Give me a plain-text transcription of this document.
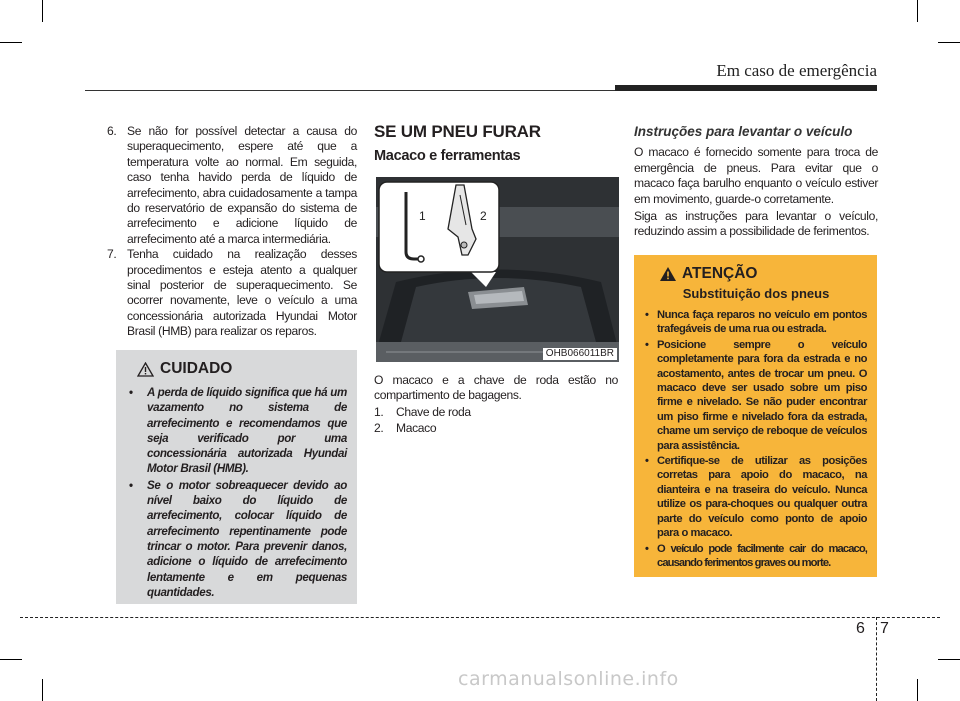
Em caso de emergência
6. Se não for possível detectar a causa do superaquecimento, espere até que a temperatura volte ao normal. Em seguida, caso tenha havido perda de líquido de arrefecimento, abra cuidadosamente a tampa do reservatório de expansão do sistema de arrefecimento e adicione líquido de arrefecimento até a marca intermediária.
7. Tenha cuidado na realização desses procedimentos e esteja atento a qualquer sinal posterior de superaquecimento. Se ocorrer novamente, leve o veículo a uma concessionária autorizada Hyundai Motor Brasil (HMB) para realizar os reparos.
CUIDADO
•	A perda de líquido significa que há um vazamento no sistema de arrefecimento e recomendamos que seja verificado por uma concessionária autorizada Hyundai Motor Brasil (HMB).
•	Se o motor sobreaquecer devido ao nível baixo do líquido de arrefecimento, colocar líquido de arrefecimento repentinamente pode trincar o motor. Para prevenir danos, adicione o líquido de arrefecimento lentamente e em pequenas quantidades.
SE UM PNEU FURAR
Macaco e ferramentas
1	2
OHB066011BR
O macaco e a chave de roda estão no compartimento de bagagens.
1.	Chave de roda
2.	Macaco
Instruções para levantar o veículo
O macaco é fornecido somente para troca de emergência de pneus. Para evitar que o macaco faça barulho enquanto o veículo estiver em movimento, guarde-o corretamente.
Siga as instruções para levantar o veículo, reduzindo assim a possibilidade de ferimentos.
ATENÇÃO
Substituição dos pneus
• Nunca faça reparos no veículo em pontos trafegáveis de uma rua ou estrada.
• Posicione sempre o veículo completamente para fora da estrada e no acostamento, antes de trocar um pneu. O macaco deve ser usado sobre um piso firme e nivelado. Se não puder encontrar um piso firme e nivelado fora da estrada, chame um serviço de reboque de veículos para assistência.
• Certifique-se de utilizar as posições corretas para apoio do macaco, na dianteira e na traseira do veículo. Nunca utilize os para-choques ou qualquer outra parte do veículo como ponto de apoio para o macaco.
• O veículo pode facilmente cair do macaco, causando ferimentos graves ou morte.
6 7
carmanualsonline.info
